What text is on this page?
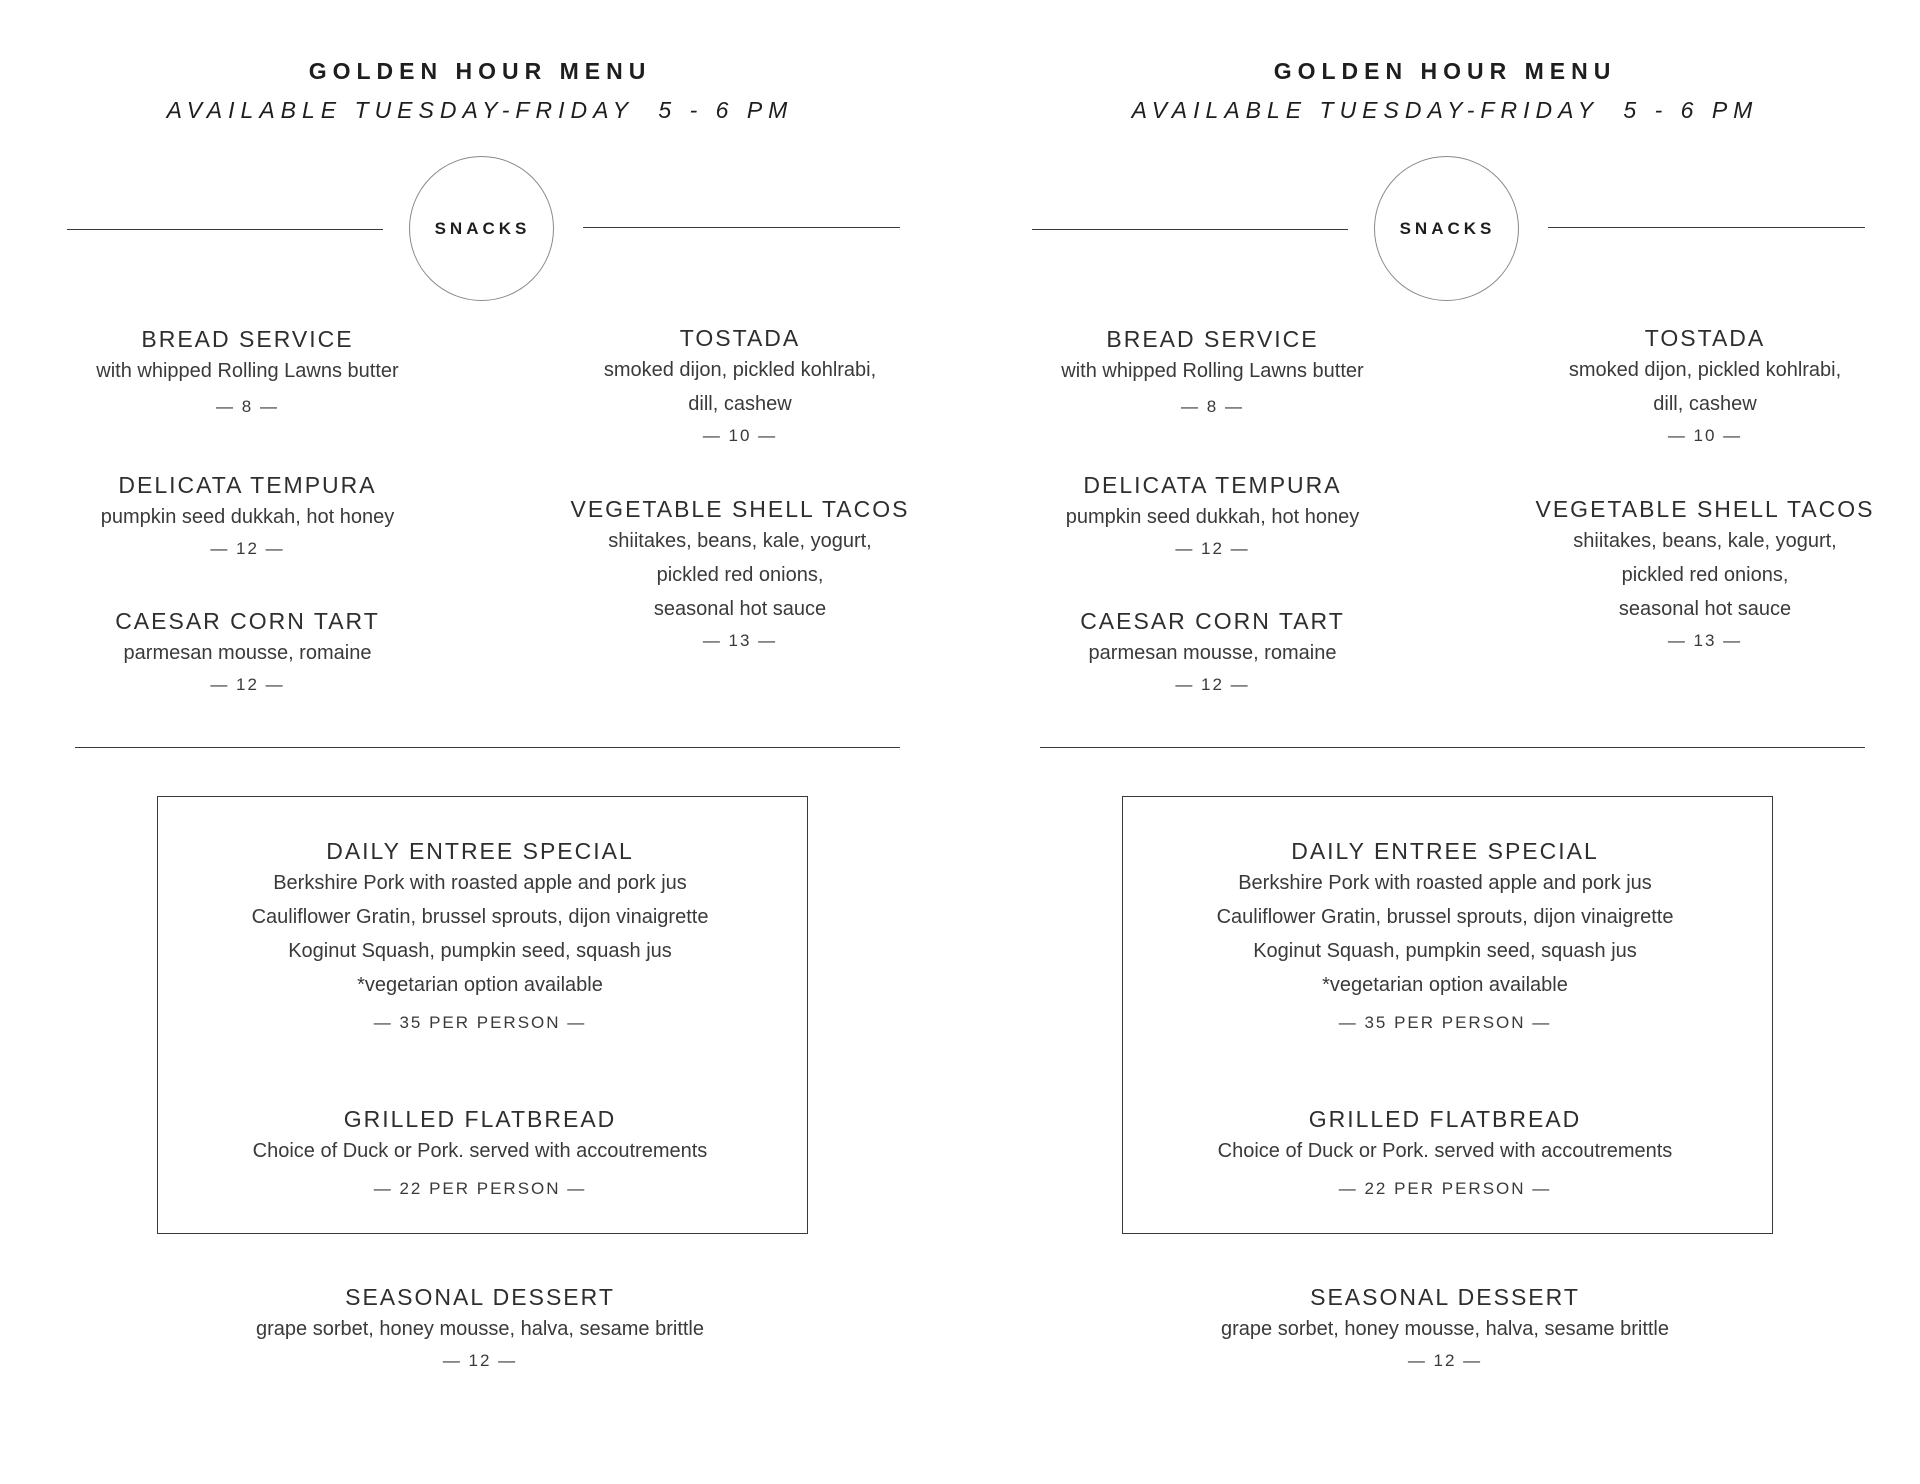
GOLDEN HOUR MENU

AVAILABLE TUESDAY-FRIDAY  5 - 6 PM

SNACKS

BREAD SERVICE

with whipped Rolling Lawns butter

— 8 —

DELICATA TEMPURA

pumpkin seed dukkah, hot honey

— 12 —

CAESAR CORN TART

parmesan mousse, romaine

— 12 —

TOSTADA

smoked dijon, pickled kohlrabi,
dill, cashew

— 10 —

VEGETABLE SHELL TACOS

shiitakes, beans, kale, yogurt,
pickled red onions,
seasonal hot sauce

— 13 —

DAILY ENTREE SPECIAL

Berkshire Pork with roasted apple and pork jus
Cauliflower Gratin, brussel sprouts, dijon vinaigrette
Koginut Squash, pumpkin seed, squash jus
*vegetarian option available

— 35 PER PERSON —

GRILLED FLATBREAD

Choice of Duck or Pork. served with accoutrements

— 22 PER PERSON —

SEASONAL DESSERT

grape sorbet, honey mousse, halva, sesame brittle

— 12 —

GOLDEN HOUR MENU

AVAILABLE TUESDAY-FRIDAY  5 - 6 PM

SNACKS

BREAD SERVICE

with whipped Rolling Lawns butter

— 8 —

DELICATA TEMPURA

pumpkin seed dukkah, hot honey

— 12 —

CAESAR CORN TART

parmesan mousse, romaine

— 12 —

TOSTADA

smoked dijon, pickled kohlrabi,
dill, cashew

— 10 —

VEGETABLE SHELL TACOS

shiitakes, beans, kale, yogurt,
pickled red onions,
seasonal hot sauce

— 13 —

DAILY ENTREE SPECIAL

Berkshire Pork with roasted apple and pork jus
Cauliflower Gratin, brussel sprouts, dijon vinaigrette
Koginut Squash, pumpkin seed, squash jus
*vegetarian option available

— 35 PER PERSON —

GRILLED FLATBREAD

Choice of Duck or Pork. served with accoutrements

— 22 PER PERSON —

SEASONAL DESSERT

grape sorbet, honey mousse, halva, sesame brittle

— 12 —
